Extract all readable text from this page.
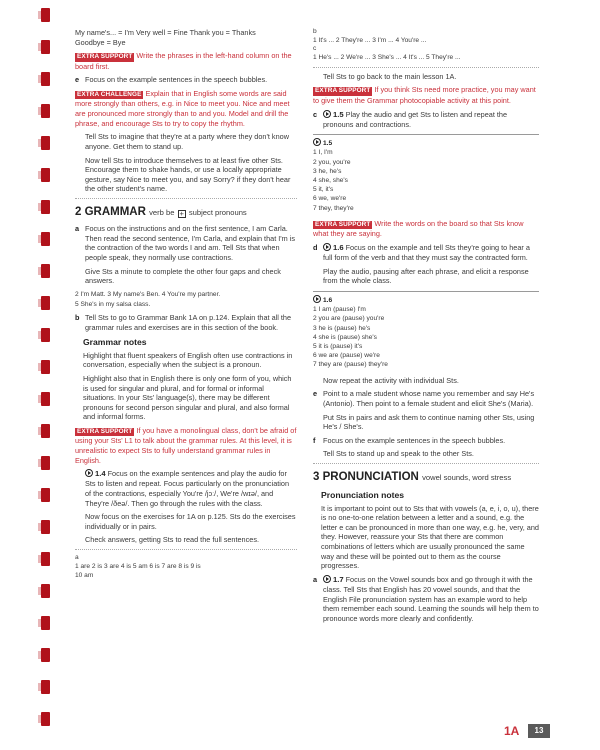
My name's... = I'm Very well = Fine Thank you = Thanks
Goodbye = Bye

EXTRA SUPPORT Write the phrases in the left-hand column on the board first.

e Focus on the example sentences in the speech bubbles.

EXTRA CHALLENGE Explain that in English some words are said more strongly than others, e.g. in Nice to meet you. Nice and meet are pronounced more strongly than to and you. Model and drill the phrase, and encourage Sts to try to copy the rhythm.

Tell Sts to imagine that they're at a party where they don't know anyone. Get them to stand up.

Now tell Sts to introduce themselves to at least five other Sts. Encourage them to shake hands, or use a locally appropriate gesture, say Nice to meet you, and say Sorry? if they don't hear the other student's name.

2 GRAMMAR verb be + subject pronouns
a Focus on the instructions and on the first sentence, I am Carla. Then read the second sentence, I'm Carla, and explain that I'm is the contraction of the two words I and am. Tell Sts that when people speak, they normally use contractions.

Give Sts a minute to complete the other four gaps and check answers.

2 I'm Matt. 3 My name's Ben. 4 You're my partner.
5 She's in my salsa class.

b Tell Sts to go to Grammar Bank 1A on p.124. Explain that all the grammar rules and exercises are in this section of the book.
Grammar notes

Highlight that fluent speakers of English often use contractions in conversation, especially when the subject is a pronoun.

Highlight also that in English there is only one form of you, which is used for singular and plural, and for formal or informal situations. In your Sts' language(s), there may be different pronouns for second person singular and plural, and also formal and informal forms.

EXTRA SUPPORT If you have a monolingual class, don't be afraid of using your Sts' L1 to talk about the grammar rules. At this level, it is unrealistic to expect Sts to fully understand grammar rules in English.

1.4 Focus on the example sentences and play the audio for Sts to listen and repeat. Focus particularly on the pronunciation of the contractions, especially You're /jɔː/, We're /wɪə/, and They're /ðeə/. Then go through the rules with the class.

Now focus on the exercises for 1A on p.125. Sts do the exercises individually or in pairs.

Check answers, getting Sts to read the full sentences.

a
1 are 2 is 3 are 4 is 5 am 6 is 7 are 8 is 9 is
10 am
b
1 It's ... 2 They're ... 3 I'm ... 4 You're ...
c
1 He's ... 2 We're ... 3 She's ... 4 It's ... 5 They're ...

Tell Sts to go back to the main lesson 1A.

EXTRA SUPPORT If you think Sts need more practice, you may want to give them the Grammar photocopiable activity at this point.

c	1.5 Play the audio and get Sts to listen and repeat the pronouns and contractions.
1.5
1 I, I'm
2 you, you're
3 he, he's
4 she, she's
5 it, it's
6 we, we're
7 they, they're

EXTRA SUPPORT Write the words on the board so that Sts know what they are saying.

d	1.6 Focus on the example and tell Sts they're going to hear a full form of the verb and that they must say the contracted form.

Play the audio, pausing after each phrase, and elicit a response from the whole class.

1.6
1 I am (pause) I'm
2 you are (pause) you're
3 he is (pause) he's
4 she is (pause) she's
5 it is (pause) it's
6 we are (pause) we're
7 they are (pause) they're

Now repeat the activity with individual Sts.

e Point to a male student whose name you remember and say He's (Antonio). Then point to a female student and elicit She's (Maria).

Put Sts in pairs and ask them to continue naming other Sts, using He's / She's.

f	Focus on the example sentences in the speech bubbles.

Tell Sts to stand up and speak to the other Sts.

3 PRONUNCIATION vowel sounds, word stress
Pronunciation notes

It is important to point out to Sts that with vowels (a, e, i, o, u), there is no one-to-one relation between a letter and a sound, e.g. the letter e can be pronounced in more than one way, e.g. he, very, and they. However, reassure your Sts that there are common combinations of letters which are usually pronounced the same way and these will be pointed out to them as the course progresses.

a	1.7 Focus on the Vowel sounds box and go through it with the class. Tell Sts that English has 20 vowel sounds, and that the English File pronunciation system has an example word to help them remember each sound. Learning the sounds will help them to pronounce words more clearly and confidently.
1A	13
